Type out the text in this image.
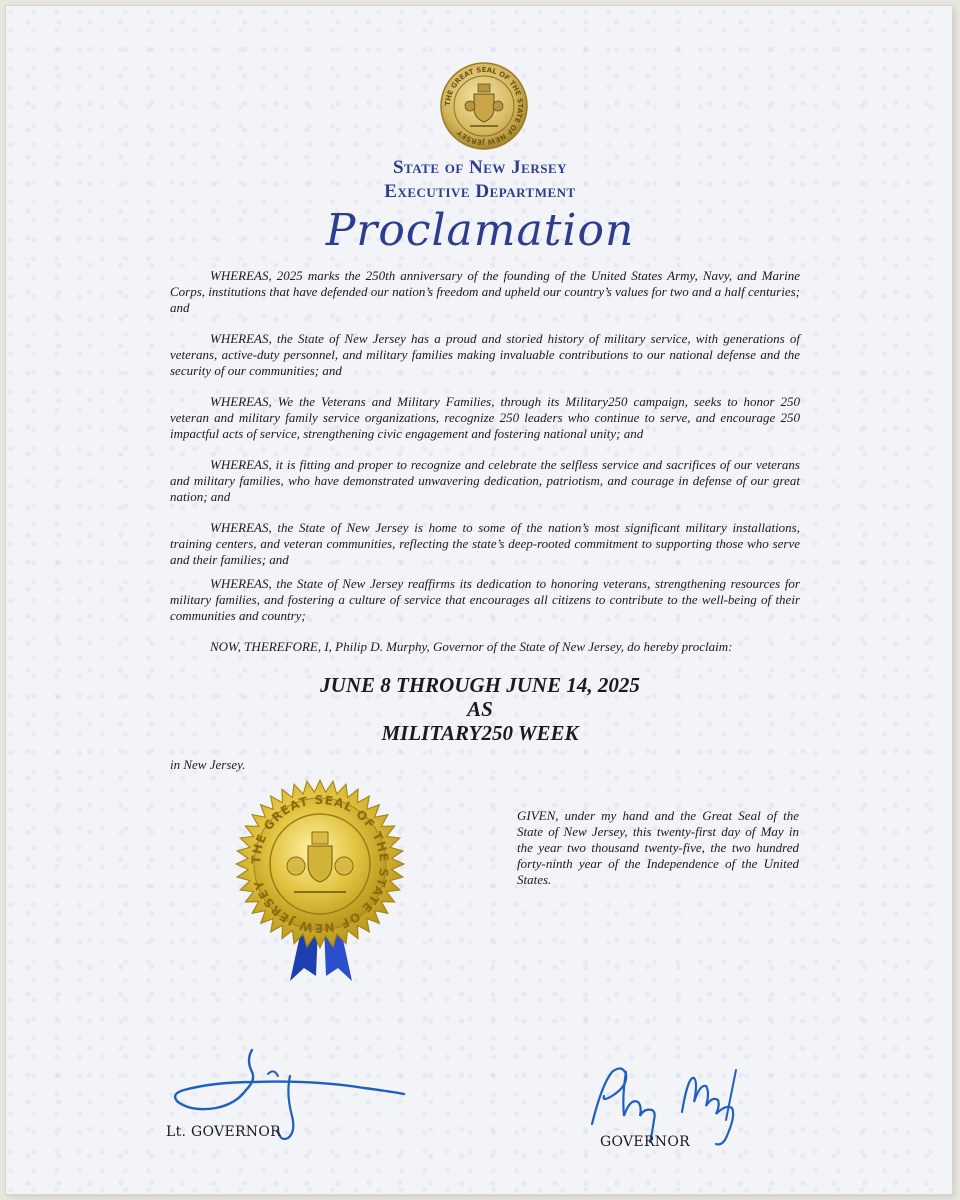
THE GREAT SEAL OF THE STATE OF NEW JERSEY
State of New Jersey
Executive Department
Proclamation

WHEREAS, 2025 marks the 250th anniversary of the founding of the United States Army, Navy, and Marine Corps, institutions that have defended our nation’s freedom and upheld our country’s values for two and a half centuries; and

WHEREAS, the State of New Jersey has a proud and storied history of military service, with generations of veterans, active-duty personnel, and military families making invaluable contributions to our national defense and the security of our communities; and

WHEREAS, We the Veterans and Military Families, through its Military250 campaign, seeks to honor 250 veteran and military family service organizations, recognize 250 leaders who continue to serve, and encourage 250 impactful acts of service, strengthening civic engagement and fostering national unity; and

WHEREAS, it is fitting and proper to recognize and celebrate the selfless service and sacrifices of our veterans and military families, who have demonstrated unwavering dedication, patriotism, and courage in defense of our great nation; and

WHEREAS, the State of New Jersey is home to some of the nation’s most significant military installations, training centers, and veteran communities, reflecting the state’s deep-rooted commitment to supporting those who serve and their families; and

WHEREAS, the State of New Jersey reaffirms its dedication to honoring veterans, strengthening resources for military families, and fostering a culture of service that encourages all citizens to contribute to the well-being of their communities and country;

NOW, THEREFORE, I, Philip D. Murphy, Governor of the State of New Jersey, do hereby proclaim:

JUNE 8 THROUGH JUNE 14, 2025
AS
MILITARY250 WEEK
in New Jersey.

GIVEN, under my hand and the Great Seal of the State of New Jersey, this twenty-first day of May in the year two thousand twenty-five, the two hundred forty-ninth year of the Independence of the United States.

THE GREAT SEAL OF THE STATE OF NEW JERSEY
Lt. GOVERNOR
GOVERNOR
